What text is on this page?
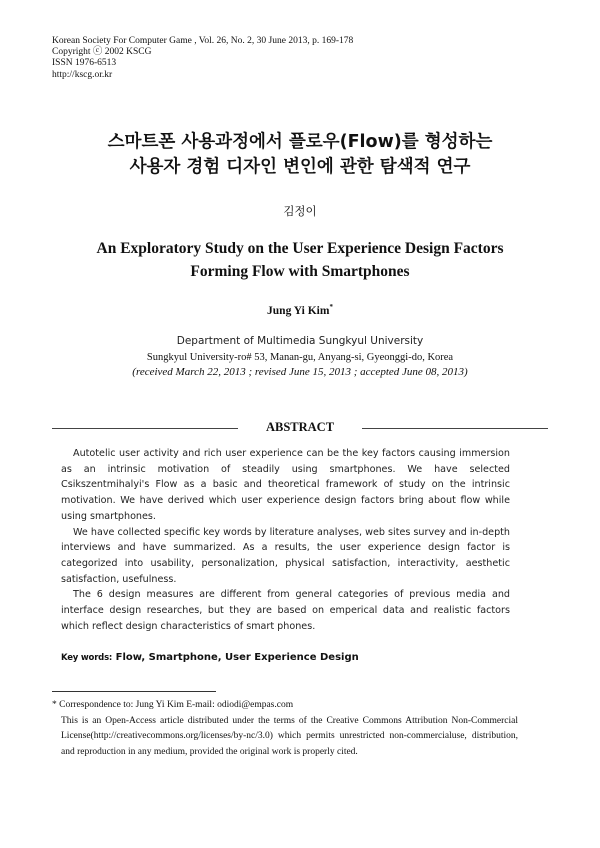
Korean Society For Computer Game , Vol. 26, No. 2, 30 June 2013, p. 169-178
Copyright ⓒ 2002 KSCG
ISSN 1976-6513
http://kscg.or.kr
스마트폰 사용과정에서 플로우(Flow)를 형성하는
사용자 경험 디자인 변인에 관한 탐색적 연구
김정이
An Exploratory Study on the User Experience Design Factors
Forming Flow with Smartphones
Jung Yi Kim*
Department of Multimedia Sungkyul University
Sungkyul University-ro# 53, Manan-gu, Anyang-si, Gyeonggi-do, Korea
(received March 22, 2013 ; revised June 15, 2013 ; accepted June 08, 2013)
ABSTRACT

Autotelic user activity and rich user experience can be the key factors causing immersion as an intrinsic motivation of steadily using smartphones. We have selected Csikszentmihalyi's Flow as a basic and theoretical framework of study on the intrinsic motivation. We have derived which user experience design factors bring about flow while using smartphones.

We have collected specific key words by literature analyses, web sites survey and in-depth interviews and have summarized. As a results, the user experience design factor is categorized into usability, personalization, physical satisfaction, interactivity, aesthetic satisfaction, usefulness.

The 6 design measures are different from general categories of previous media and interface design researches, but they are based on emperical data and realistic factors which reflect design characteristics of smart phones.

Key words: Flow, Smartphone, User Experience Design

* Correspondence to: Jung Yi Kim E-mail: odiodi@empas.com

This is an Open-Access article distributed under the terms of the Creative Commons Attribution Non-Commercial License(http://creativecommons.org/licenses/by-nc/3.0) which permits unrestricted non-commercialuse, distribution, and reproduction in any medium, provided the original work is properly cited.
